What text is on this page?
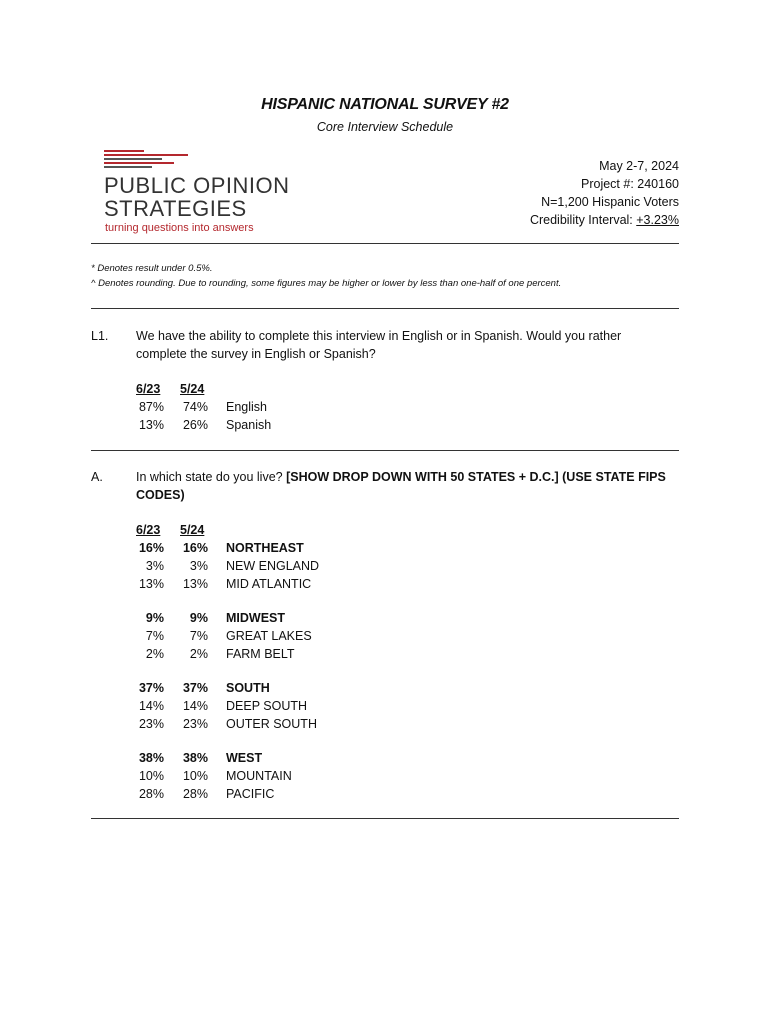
HISPANIC NATIONAL SURVEY #2
Core Interview Schedule
PUBLIC OPINION
STRATEGIES
turning questions into answers
May 2-7, 2024
Project #: 240160
N=1,200 Hispanic Voters
Credibility Interval: +3.23%
* Denotes result under 0.5%.
^ Denotes rounding. Due to rounding, some figures may be higher or lower by less than one-half of one percent.
L1. We have the ability to complete this interview in English or in Spanish. Would you rather
complete the survey in English or Spanish?
6/23 5/24
87% 74% English
13% 26% Spanish
A.	In which state do you live? [SHOW DROP DOWN WITH 50 STATES + D.C.] (USE STATE FIPS
CODES)
6/23 5/24
16% 16% NORTHEAST
3%	3% NEW ENGLAND
13% 13% MID ATLANTIC
9%	9% MIDWEST
7%	7% GREAT LAKES
2%	2% FARM BELT
37% 37% SOUTH
14% 14% DEEP SOUTH
23% 23% OUTER SOUTH
38% 38% WEST
10% 10% MOUNTAIN
28% 28% PACIFIC
